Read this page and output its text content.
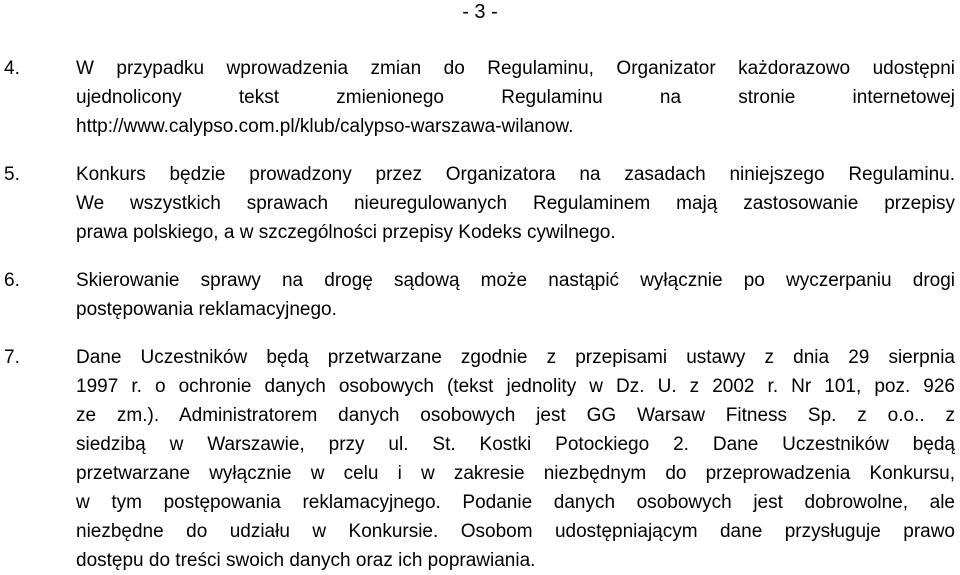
- 3 -
4.	W przypadku wprowadzenia zmian do Regulaminu, Organizator każdorazowo udostępni
ujednolicony tekst zmienionego Regulaminu na stronie internetowej
http://www.calypso.com.pl/klub/calypso-warszawa-wilanow.
5.	Konkurs będzie prowadzony przez Organizatora na zasadach niniejszego Regulaminu.
We wszystkich sprawach nieuregulowanych Regulaminem mają zastosowanie przepisy
prawa polskiego, a w szczególności przepisy Kodeks cywilnego.
6.	Skierowanie sprawy na drogę sądową może nastąpić wyłącznie po wyczerpaniu drogi
postępowania reklamacyjnego.
7.	Dane Uczestników będą przetwarzane zgodnie z przepisami ustawy z dnia 29 sierpnia
1997 r. o ochronie danych osobowych (tekst jednolity w Dz. U. z 2002 r. Nr 101, poz. 926
ze zm.). Administratorem danych osobowych jest GG Warsaw Fitness Sp. z o.o.. z
siedzibą w Warszawie, przy ul. St. Kostki Potockiego 2. Dane Uczestników będą
przetwarzane wyłącznie w celu i w zakresie niezbędnym do przeprowadzenia Konkursu,
w tym postępowania reklamacyjnego. Podanie danych osobowych jest dobrowolne, ale
niezbędne do udziału w Konkursie. Osobom udostępniającym dane przysługuje prawo
dostępu do treści swoich danych oraz ich poprawiania.
